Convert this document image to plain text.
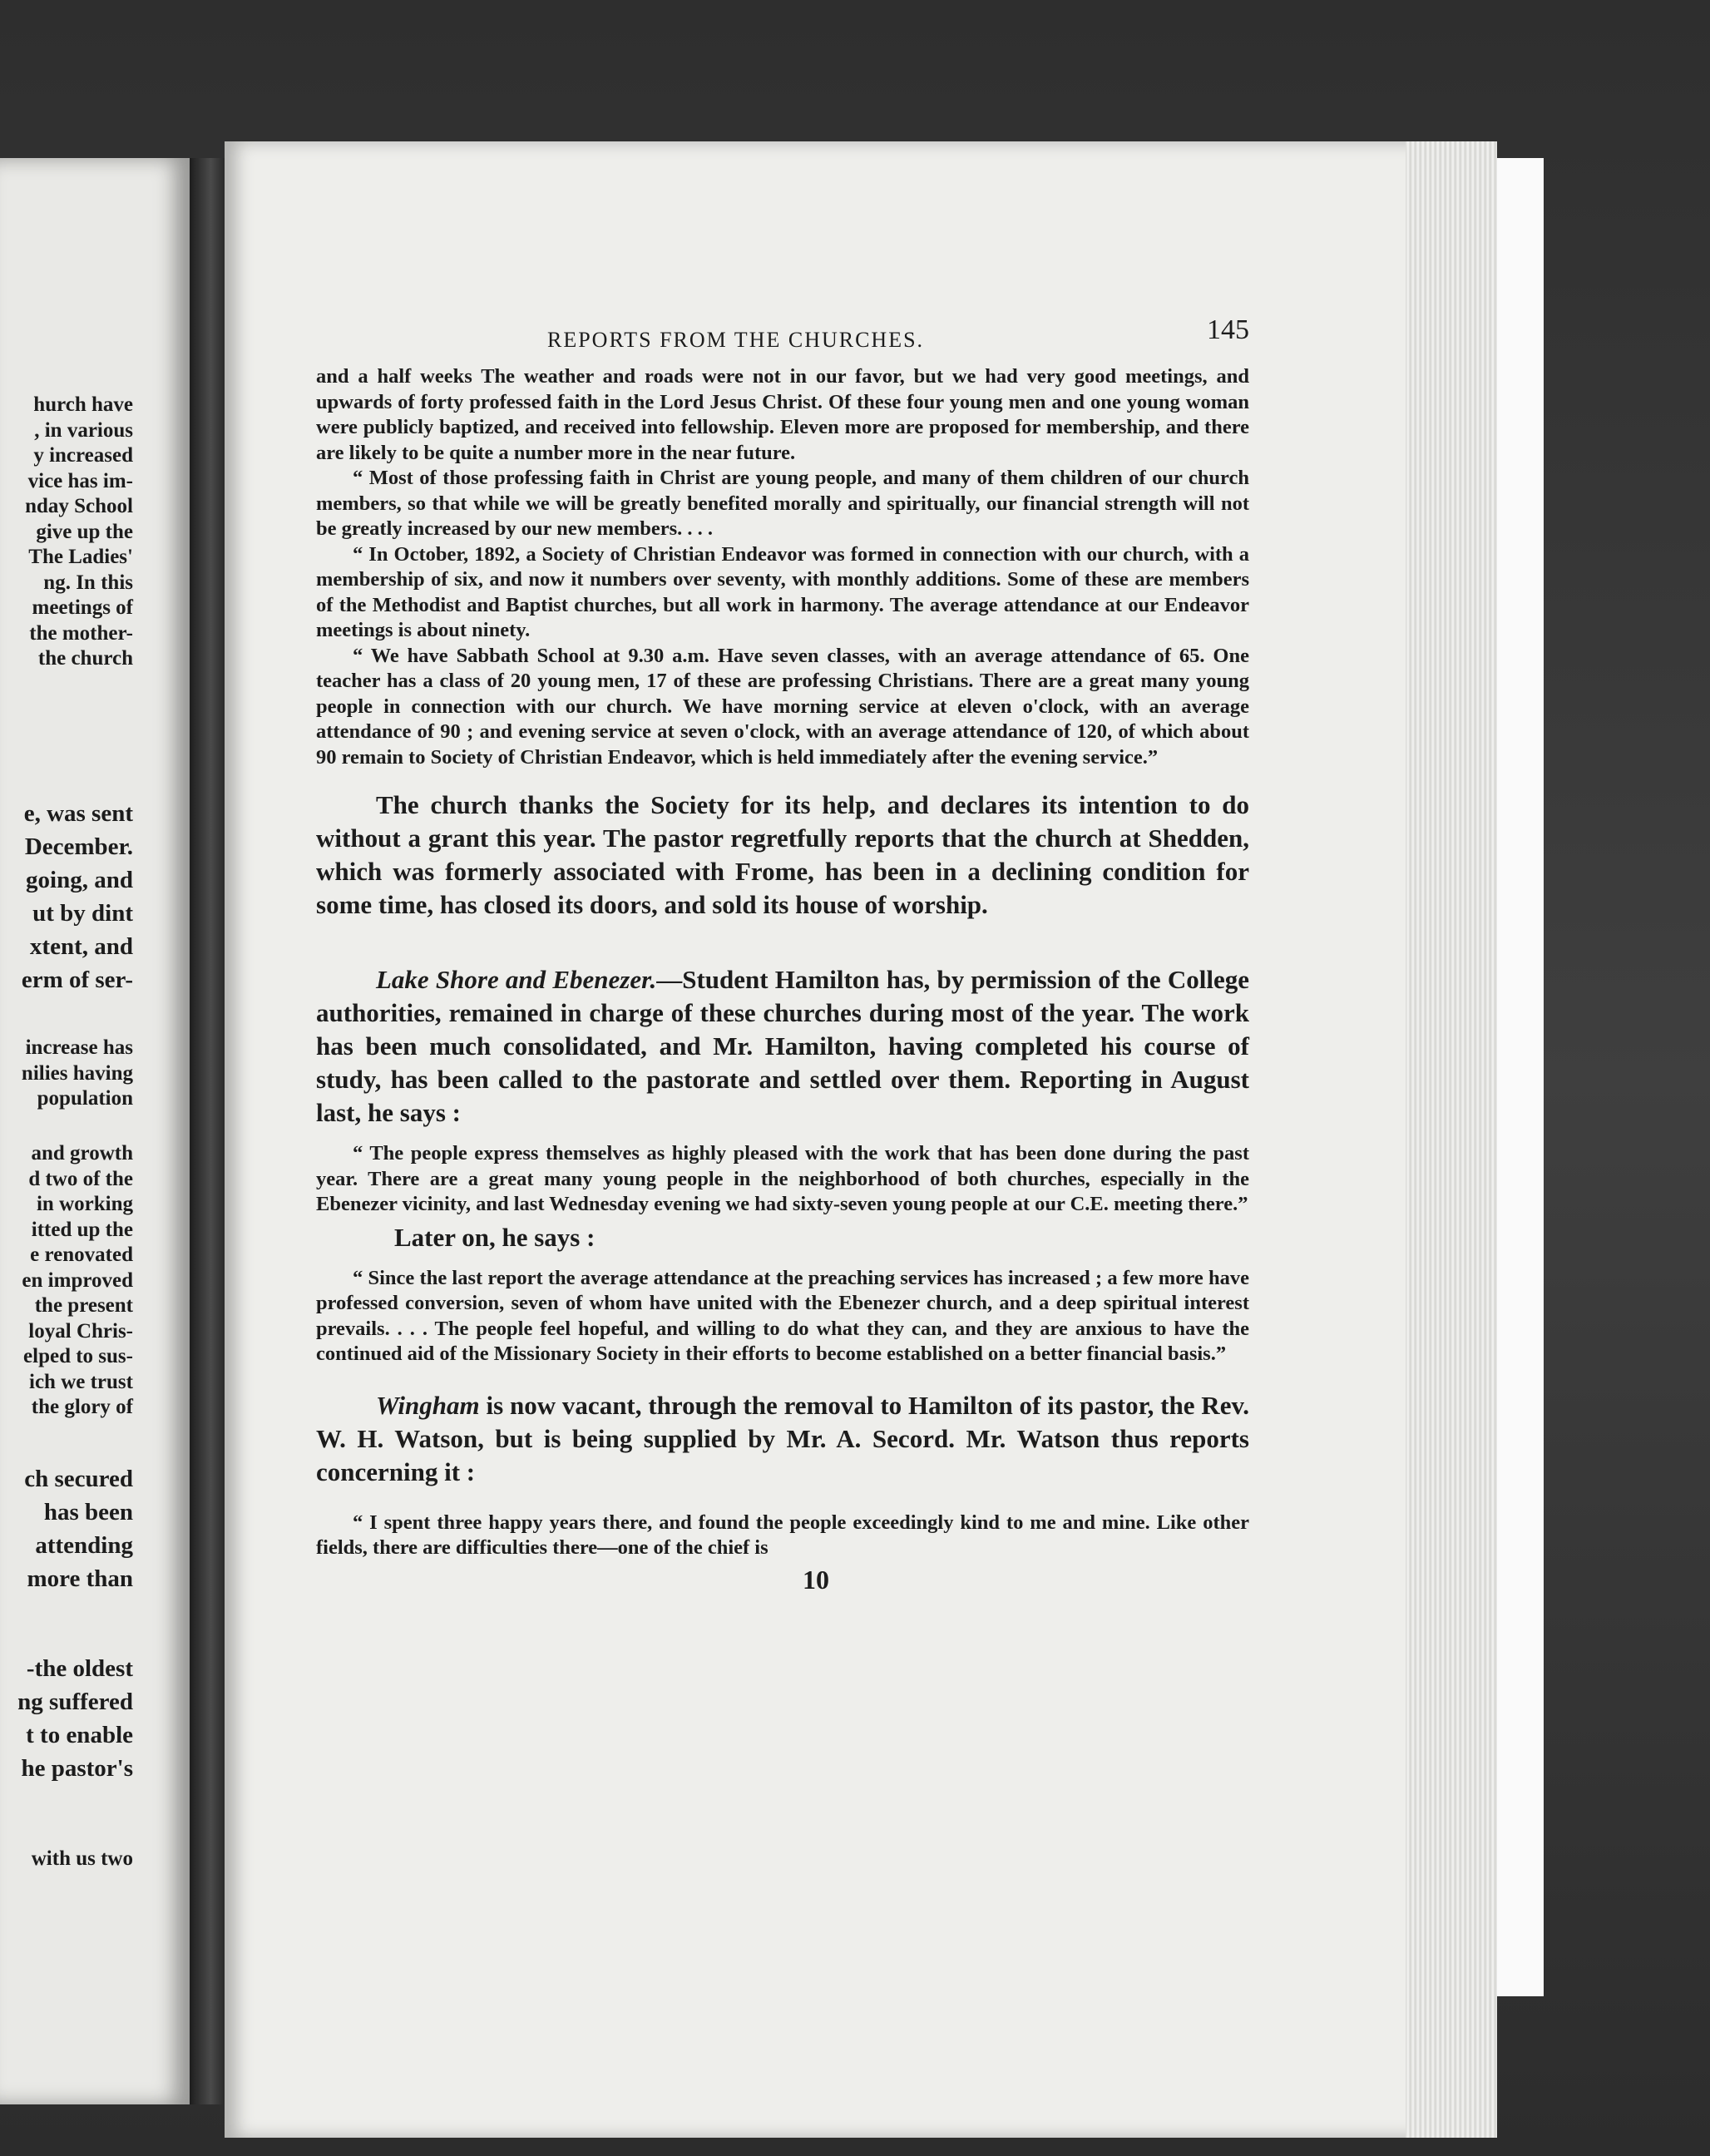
hurch have
, in various
y increased
vice has im-
nday School
give up the
The Ladies'
ng. In this
meetings of
the mother-
the church
e, was sent
December.
going, and
ut by dint
xtent, and
erm of ser-
increase has
nilies having
population
and growth
d two of the
in working
itted up the
e renovated
en improved
the present
loyal Chris-
elped to sus-
ich we trust
the glory of
ch secured
has been
attending
more than
-the oldest
ng suffered
t to enable
he pastor's
with us two
REPORTS FROM THE CHURCHES.	145

and a half weeks The weather and roads were not in our favor, but we had very good meetings, and upwards of forty professed faith in the Lord Jesus Christ. Of these four young men and one young woman were publicly baptized, and received into fellowship. Eleven more are proposed for membership, and there are likely to be quite a number more in the near future.

“ Most of those professing faith in Christ are young people, and many of them children of our church members, so that while we will be greatly benefited morally and spiritually, our financial strength will not be greatly increased by our new members. . . .

“ In October, 1892, a Society of Christian Endeavor was formed in connection with our church, with a membership of six, and now it numbers over seventy, with monthly additions. Some of these are members of the Methodist and Baptist churches, but all work in harmony. The average attendance at our Endeavor meetings is about ninety.

“ We have Sabbath School at 9.30 a.m. Have seven classes, with an average attendance of 65. One teacher has a class of 20 young men, 17 of these are professing Christians. There are a great many young people in connection with our church. We have morning service at eleven o'clock, with an average attendance of 90 ; and evening service at seven o'clock, with an average attendance of 120, of which about 90 remain to Society of Christian Endeavor, which is held immediately after the evening service.”

The church thanks the Society for its help, and declares its intention to do without a grant this year. The pastor regretfully reports that the church at Shedden, which was formerly associated with Frome, has been in a declining condition for some time, has closed its doors, and sold its house of worship.

Lake Shore and Ebenezer.—Student Hamilton has, by permission of the College authorities, remained in charge of these churches during most of the year. The work has been much consolidated, and Mr. Hamilton, having completed his course of study, has been called to the pastorate and settled over them. Reporting in August last, he says :

“ The people express themselves as highly pleased with the work that has been done during the past year. There are a great many young people in the neighborhood of both churches, especially in the Ebenezer vicinity, and last Wednesday evening we had sixty-seven young people at our C.E. meeting there.”

Later on, he says :

“ Since the last report the average attendance at the preaching services has increased ; a few more have professed conversion, seven of whom have united with the Ebenezer church, and a deep spiritual interest prevails. . . . The people feel hopeful, and willing to do what they can, and they are anxious to have the continued aid of the Missionary Society in their efforts to become established on a better financial basis.”

Wingham is now vacant, through the removal to Hamilton of its pastor, the Rev. W. H. Watson, but is being supplied by Mr. A. Secord. Mr. Watson thus reports concerning it :

“ I spent three happy years there, and found the people exceedingly kind to me and mine. Like other fields, there are difficulties there—one of the chief is

10
